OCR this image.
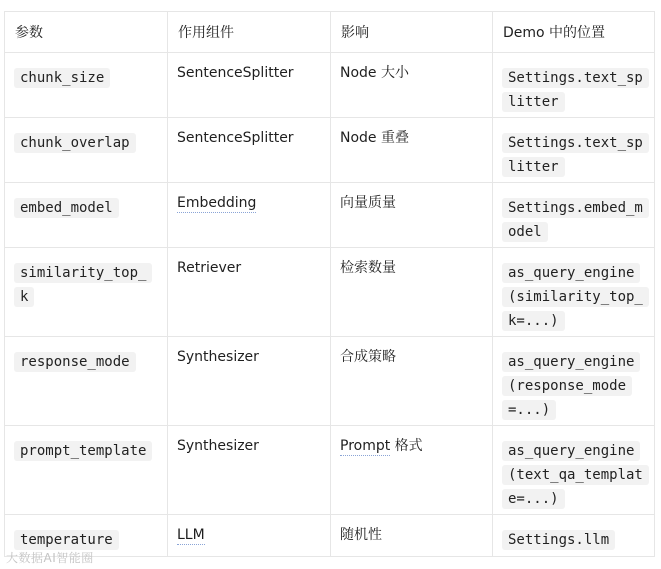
参数	作用组件	影响	Demo 中的位置

chunk_size	SentenceSplitter	Node 大小	Settings.text_splitter

chunk_overlap	SentenceSplitter	Node 重叠	Settings.text_splitter

embed_model	Embedding	向量质量	Settings.embed_model

similarity_top_k	Retriever	检索数量	as_query_engine(similarity_top_k=...)

response_mode	Synthesizer	合成策略	as_query_engine(response_mode=...)

prompt_template	Synthesizer	Prompt 格式	as_query_engine(text_qa_template=...)

temperature	LLM	随机性	Settings.llm
大数据AI智能圈
